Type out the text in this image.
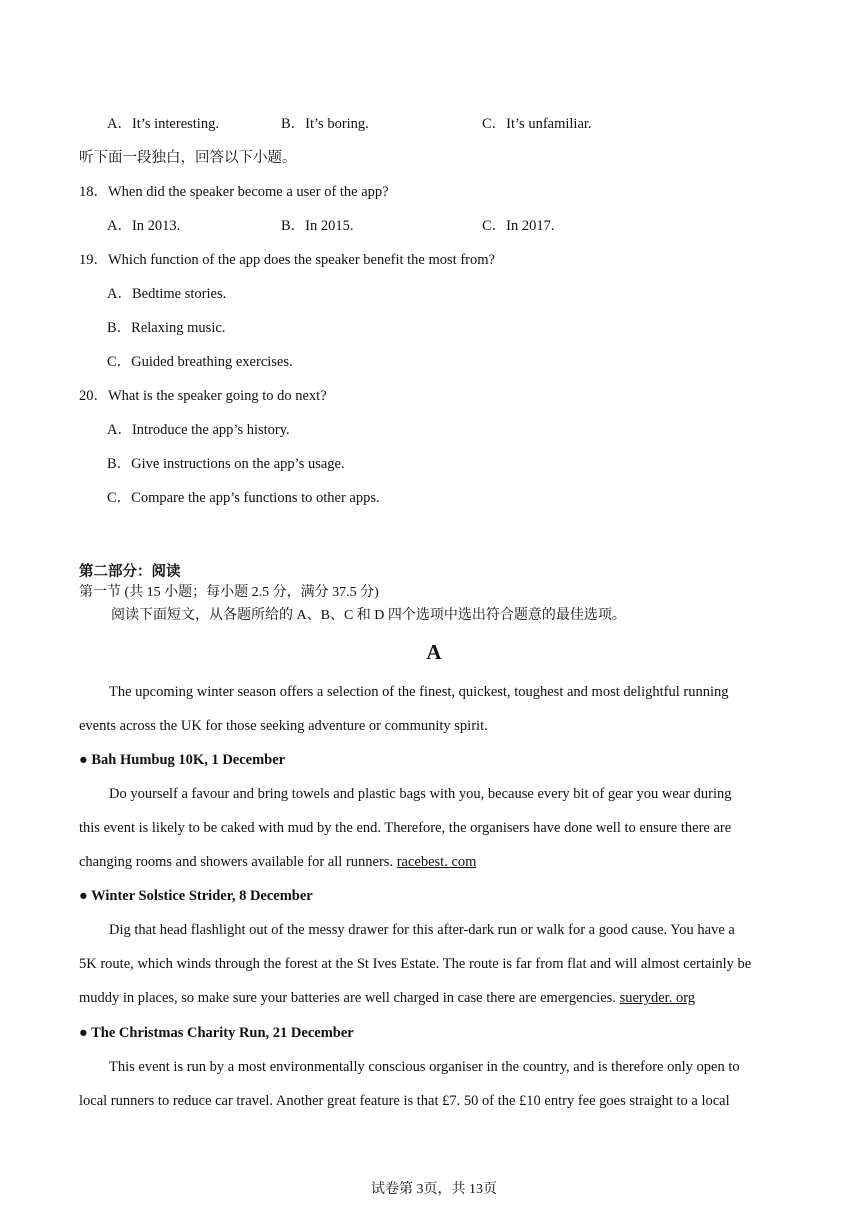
A．It’s interesting.	B．It’s boring.	C．It’s unfamiliar.
听下面一段独白，回答以下小题。
18．When did the speaker become a user of the app?
A．In 2013.	B．In 2015.	C．In 2017.
19．Which function of the app does the speaker benefit the most from?
A．Bedtime stories.
B．Relaxing music.
C．Guided breathing exercises.
20．What is the speaker going to do next?
A．Introduce the app’s history.
B．Give instructions on the app’s usage.
C．Compare the app’s functions to other apps.
第二部分：阅读
第一节 (共 15 小题；每小题 2.5 分，满分 37.5 分)
阅读下面短文，从各题所给的 A、B、C 和 D 四个选项中选出符合题意的最佳选项。
A
The upcoming winter season offers a selection of the finest, quickest, toughest and most delightful running
events across the UK for those seeking adventure or community spirit.
● Bah Humbug 10K, 1 December
Do yourself a favour and bring towels and plastic bags with you, because every bit of gear you wear during
this event is likely to be caked with mud by the end. Therefore, the organisers have done well to ensure there are
changing rooms and showers available for all runners. racebest. com
● Winter Solstice Strider, 8 December
Dig that head flashlight out of the messy drawer for this after-dark run or walk for a good cause. You have a
5K route, which winds through the forest at the St Ives Estate. The route is far from flat and will almost certainly be
muddy in places, so make sure your batteries are well charged in case there are emergencies. sueryder. org
● The Christmas Charity Run, 21 December
This event is run by a most environmentally conscious organiser in the country, and is therefore only open to
local runners to reduce car travel. Another great feature is that £7. 50 of the £10 entry fee goes straight to a local
试卷第 3页，共 13页
